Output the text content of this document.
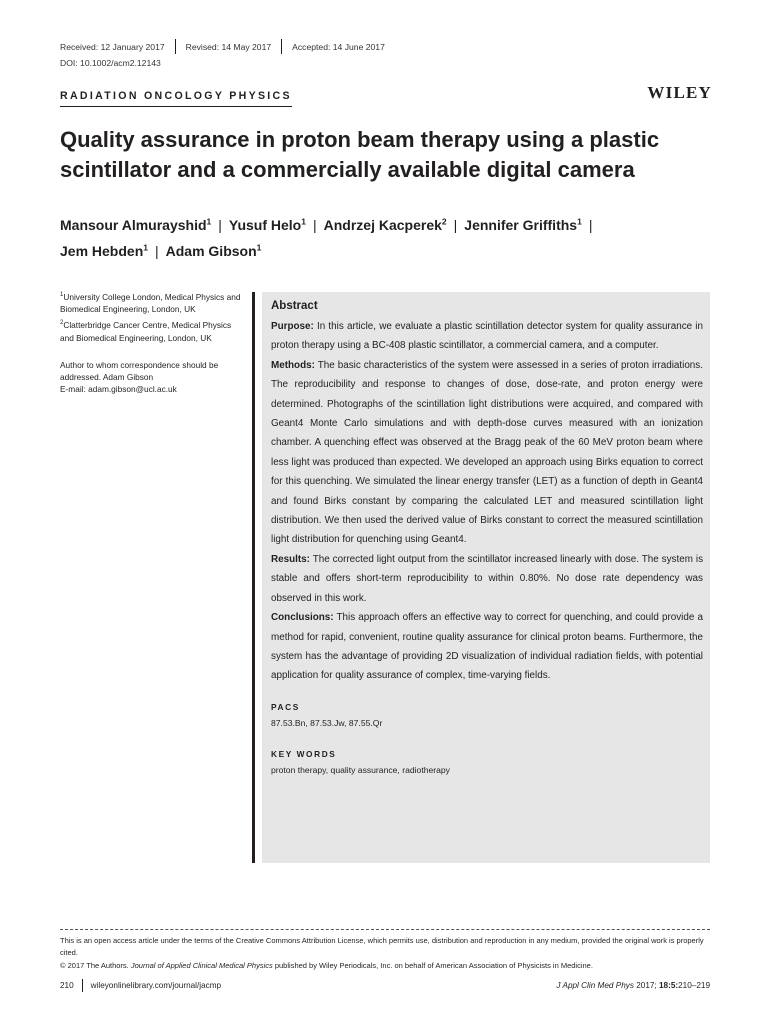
Received: 12 January 2017 Revised: 14 May 2017 Accepted: 14 June 2017
DOI: 10.1002/acm2.12143
RADIATION ONCOLOGY PHYSICS	WILEY
Quality assurance in proton beam therapy using a plastic scintillator and a commercially available digital camera
Mansour Almurayshid$^1$ | Yusuf Helo$^1$ | Andrzej Kacperek$^2$ | Jennifer Griffiths$^1$ |
Jem Hebden$^1$ | Adam Gibson$^1$
$^1$University College London, Medical Physics and Biomedical Engineering, London, UK
$^2$Clatterbridge Cancer Centre, Medical Physics and Biomedical Engineering, London, UK
Author to whom correspondence should be addressed. Adam Gibson
E-mail: adam.gibson@ucl.ac.uk
Abstract

Purpose: In this article, we evaluate a plastic scintillation detector system for quality assurance in proton therapy using a BC-408 plastic scintillator, a commercial camera, and a computer.

Methods: The basic characteristics of the system were assessed in a series of proton irradiations. The reproducibility and response to changes of dose, dose-rate, and proton energy were determined. Photographs of the scintillation light distributions were acquired, and compared with Geant4 Monte Carlo simulations and with depth-dose curves measured with an ionization chamber. A quenching effect was observed at the Bragg peak of the 60 MeV proton beam where less light was produced than expected. We developed an approach using Birks equation to correct for this quenching. We simulated the linear energy transfer (LET) as a function of depth in Geant4 and found Birks constant by comparing the calculated LET and measured scintillation light distribution. We then used the derived value of Birks constant to correct the measured scintillation light distribution for quenching using Geant4.

Results: The corrected light output from the scintillator increased linearly with dose. The system is stable and offers short-term reproducibility to within 0.80%. No dose rate dependency was observed in this work.

Conclusions: This approach offers an effective way to correct for quenching, and could provide a method for rapid, convenient, routine quality assurance for clinical proton beams. Furthermore, the system has the advantage of providing 2D visualization of individual radiation fields, with potential application for quality assurance of complex, time-varying fields.

PACS
87.53.Bn, 87.53.Jw, 87.55.Qr
KEY WORDS
proton therapy, quality assurance, radiotherapy
This is an open access article under the terms of the Creative Commons Attribution License, which permits use, distribution and reproduction in any medium, provided the original work is properly cited.
© 2017 The Authors. Journal of Applied Clinical Medical Physics published by Wiley Periodicals, Inc. on behalf of American Association of Physicists in Medicine.
210 wileyonlinelibrary.com/journal/jacmp	J Appl Clin Med Phys 2017; 18:5:210–219
